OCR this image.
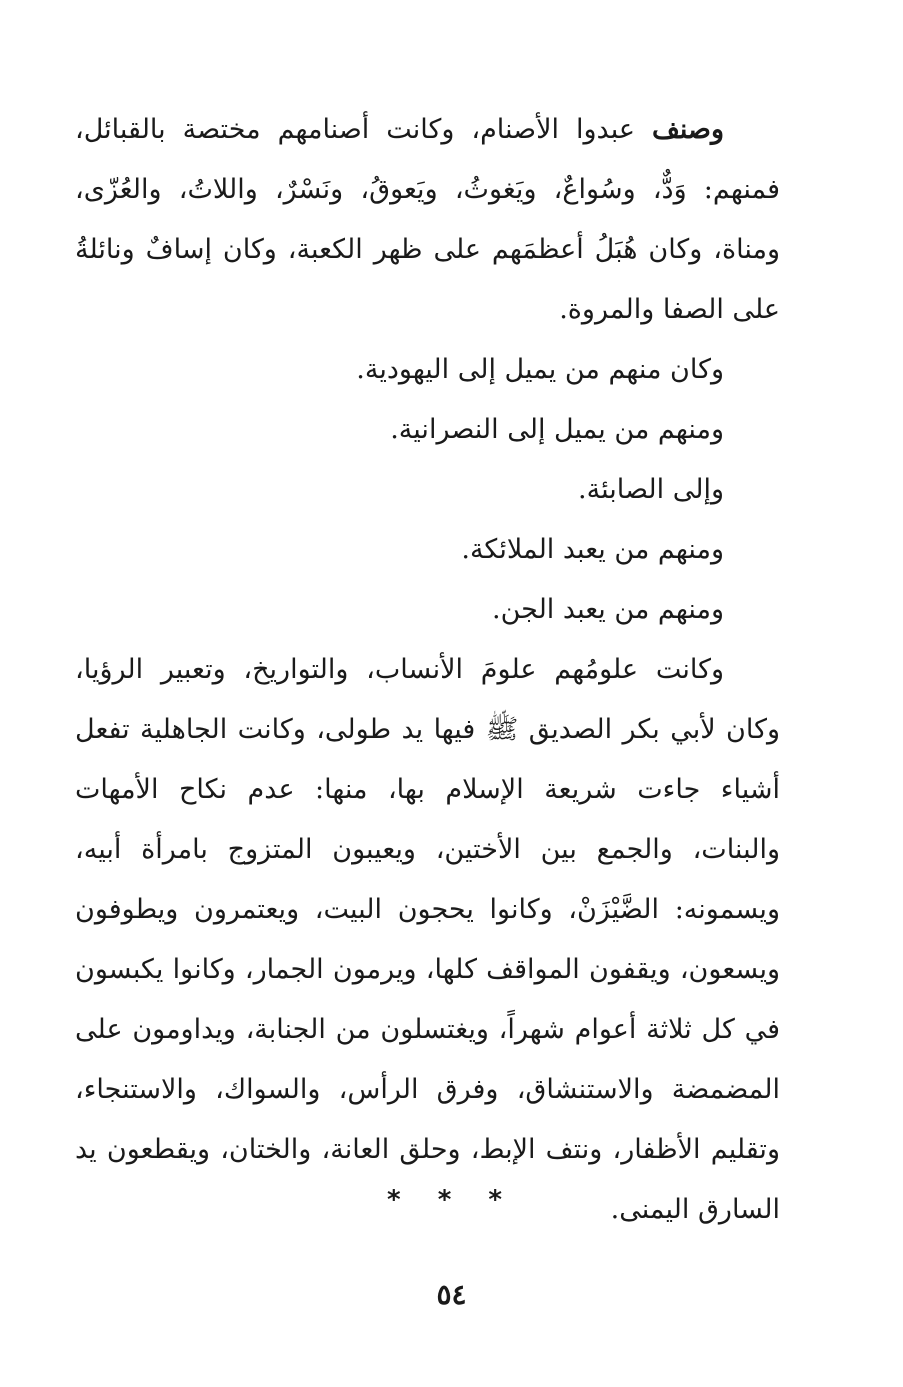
وصنف عبدوا الأصنام، وكانت أصنامهم مختصة بالقبائل، فمنهم: وَدٌّ، وسُواعٌ، ويَغوثُ، ويَعوقُ، ونَسْرٌ، واللاتُ، والعُزّى، ومناة، وكان هُبَلُ أعظمَهم على ظهر الكعبة، وكان إسافٌ ونائلةُ على الصفا والمروة.

وكان منهم من يميل إلى اليهودية.

ومنهم من يميل إلى النصرانية.

وإلى الصابئة.

ومنهم من يعبد الملائكة.

ومنهم من يعبد الجن.

وكانت علومُهم علومَ الأنساب، والتواريخ، وتعبير الرؤيا، وكان لأبي بكر الصديق ﷺ فيها يد طولى، وكانت الجاهلية تفعل أشياء جاءت شريعة الإسلام بها، منها: عدم نكاح الأمهات والبنات، والجمع بين الأختين، ويعيبون المتزوج بامرأة أبيه، ويسمونه: الضَّيْزَنْ، وكانوا يحجون البيت، ويعتمرون ويطوفون ويسعون، ويقفون المواقف كلها، ويرمون الجمار، وكانوا يكبسون في كل ثلاثة أعوام شهراً، ويغتسلون من الجنابة، ويداومون على المضمضة والاستنشاق، وفرق الرأس، والسواك، والاستنجاء، وتقليم الأظفار، ونتف الإبط، وحلق العانة، والختان، ويقطعون يد السارق اليمنى.

* * *
٥٤
